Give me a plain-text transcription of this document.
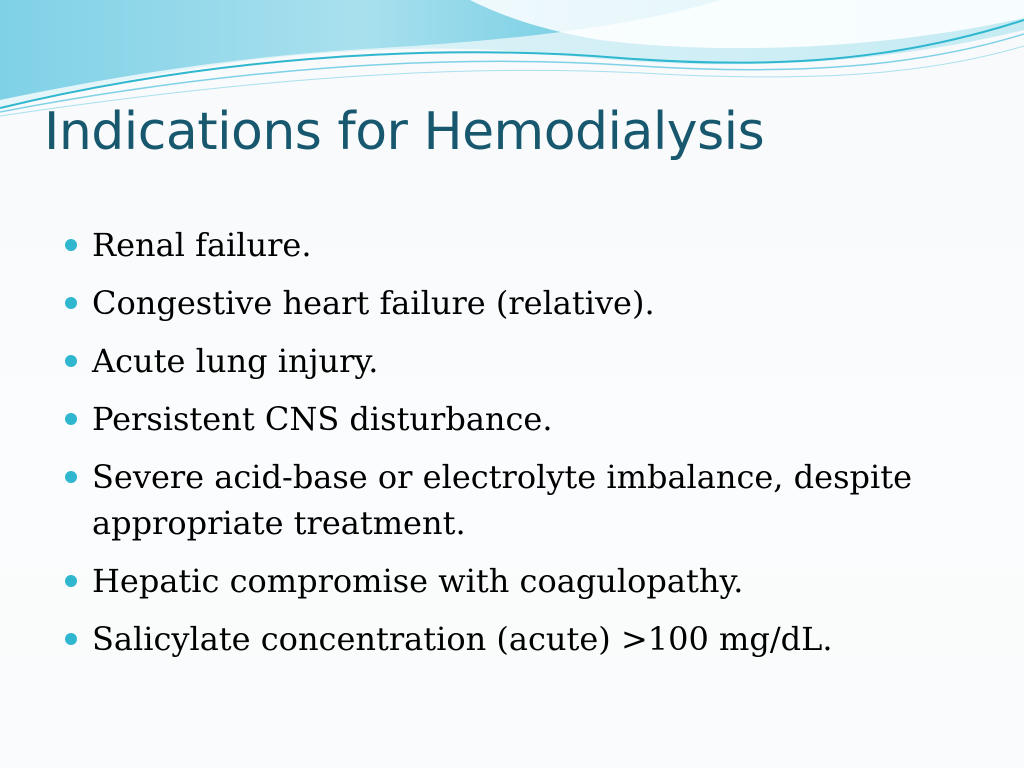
Indications for Hemodialysis
Renal failure.
Congestive heart failure (relative).
Acute lung injury.
Persistent CNS disturbance.
Severe acid-base or electrolyte imbalance, despite appropriate treatment.
Hepatic compromise with coagulopathy.
Salicylate concentration (acute) >100 mg/dL.
